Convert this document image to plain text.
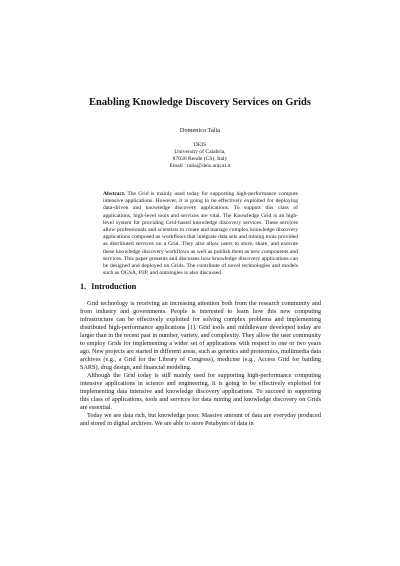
Enabling Knowledge Discovery Services on Grids
Domenico Talia
DEIS
University of Calabria,
87036 Rende (CS), Italy
Email : talia@deis.unical.it
Abstract. The Grid is mainly used today for supporting high-performance compute intensive applications. However, it is going to be effectively exploited for deploying data-driven and knowledge discovery applications. To support this class of applications, high-level tools and services are vital. The Knowledge Grid is an high-level system for providing Grid-based knowledge discovery services. These services allow professionals and scientists to create and manage complex knowledge discovery applications composed as workflows that integrate data sets and mining tools provided as distributed services on a Grid. They also allow users to store, share, and execute these knowledge discovery workflows as well as publish them as new components and services. This paper presents and discusses how knowledge discovery applications can be designed and deployed on Grids. The contribute of novel technologies and models such as OGSA, P2P, and ontologies is also discussed.
1. Introduction

Grid technology is receiving an increasing attention both from the research community and from industry and governments. People is interested to learn how this new computing infrastructure can be effectively exploited for solving complex problems and implementing distributed high-performance applications [1]. Grid tools and middleware developed today are larger than in the recent past in number, variety, and complexity. They allow the user community to employ Grids for implementing a wider set of applications with respect to one or two years ago. New projects are started in different areas, such as genetics and proteomics, multimedia data archives (e.g., a Grid for the Library of Congress), medicine (e.g., Access Grid for battling SARS), drug design, and financial modeling.

Although the Grid today is still mainly used for supporting high-performance computing intensive applications in science and engineering, it is going to be effectively exploited for implementing data intensive and knowledge discovery applications. To succeed in supporting this class of applications, tools and services for data mining and knowledge discovery on Grids are essential.

Today we are data rich, but knowledge poor. Massive amount of data are everyday produced and stored in digital archives. We are able to store Petabytes of data in
